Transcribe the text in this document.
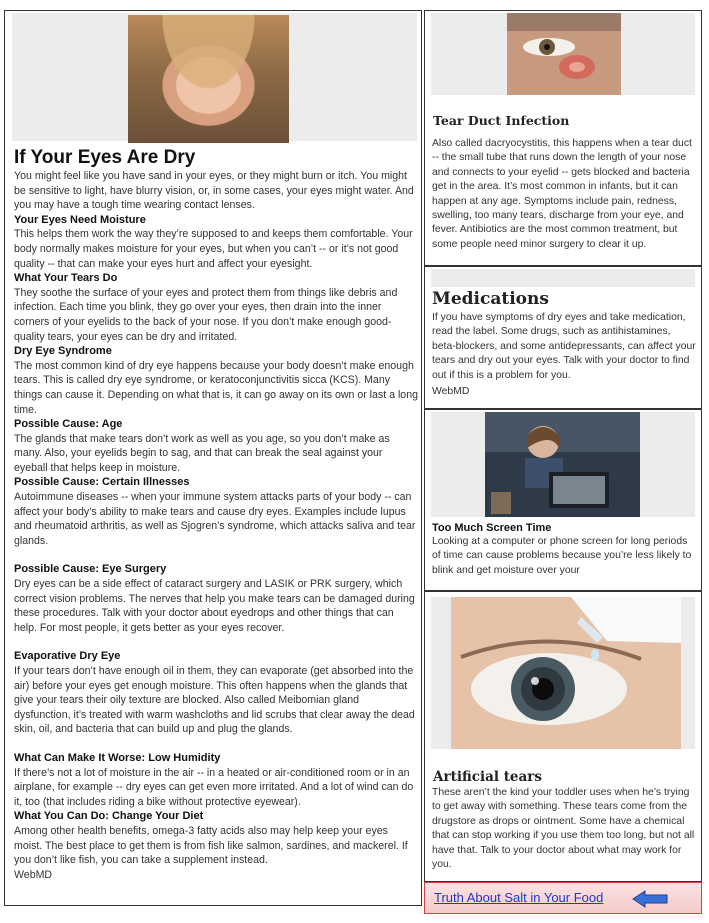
If Your Eyes Are Dry

You might feel like you have sand in your eyes, or they might burn or itch. You might be sensitive to light, have blurry vision, or, in some cases, your eyes might water. And you may have a tough time wearing contact lenses.

Your Eyes Need Moisture

This helps them work the way they’re supposed to and keeps them comfortable. Your body normally makes moisture for your eyes, but when you can’t -- or it’s not good quality -- that can make your eyes hurt and affect your eyesight.

What Your Tears Do

They soothe the surface of your eyes and protect them from things like debris and infection. Each time you blink, they go over your eyes, then drain into the inner corners of your eyelids to the back of your nose. If you don’t make enough good-quality tears, your eyes can be dry and irritated.

Dry Eye Syndrome

The most common kind of dry eye happens because your body doesn’t make enough tears. This is called dry eye syndrome, or keratoconjunctivitis sicca (KCS). Many things can cause it. Depending on what that is, it can go away on its own or last a long time.

Possible Cause: Age

The glands that make tears don’t work as well as you age, so you don’t make as many. Also, your eyelids begin to sag, and that can break the seal against your eyeball that helps keep in moisture.

Possible Cause: Certain Illnesses

Autoimmune diseases -- when your immune system attacks parts of your body -- can affect your body’s ability to make tears and cause dry eyes. Examples include lupus and rheumatoid arthritis, as well as Sjogren’s syndrome, which attacks saliva and tear glands.

Possible Cause: Eye Surgery

Dry eyes can be a side effect of cataract surgery and LASIK or PRK surgery, which correct vision problems. The nerves that help you make tears can be damaged during these procedures. Talk with your doctor about eyedrops and other things that can help. For most people, it gets better as your eyes recover.

Evaporative Dry Eye

If your tears don’t have enough oil in them, they can evaporate (get absorbed into the air) before your eyes get enough moisture. This often happens when the glands that give your tears their oily texture are blocked. Also called Meibomian gland dysfunction, it’s treated with warm washcloths and lid scrubs that clear away the dead skin, oil, and bacteria that can build up and plug the glands.

What Can Make It Worse: Low Humidity

If there’s not a lot of moisture in the air -- in a heated or air-conditioned room or in an airplane, for example -- dry eyes can get even more irritated. And a lot of wind can do it, too (that includes riding a bike without protective eyewear).

What You Can Do: Change Your Diet

Among other health benefits, omega-3 fatty acids also may help keep your eyes moist. The best place to get them is from fish like salmon, sardines, and mackerel. If you don’t like fish, you can take a supplement instead.

WebMD

Tear Duct Infection

Also called dacryocystitis, this happens when a tear duct -- the small tube that runs down the length of your nose and connects to your eyelid -- gets blocked and bacteria get in the area. It’s most common in infants, but it can happen at any age. Symptoms include pain, redness, swelling, too many tears, discharge from your eye, and fever. Antibiotics are the most common treatment, but some people need minor surgery to clear it up.

Medications

If you have symptoms of dry eyes and take medication, read the label. Some drugs, such as antihistamines, beta-blockers, and some antidepressants, can affect your tears and dry out your eyes. Talk with your doctor to find out if this is a problem for you.

WebMD

Too Much Screen Time

Looking at a computer or phone screen for long periods of time can cause problems because you’re less likely to blink and get moisture over your

Artificial tears

These aren’t the kind your toddler uses when he’s trying to get away with something. These tears come from the drugstore as drops or ointment. Some have a chemical that can stop working if you use them too long, but not all have that. Talk to your doctor about what may work for you.

Truth About Salt in Your Food
